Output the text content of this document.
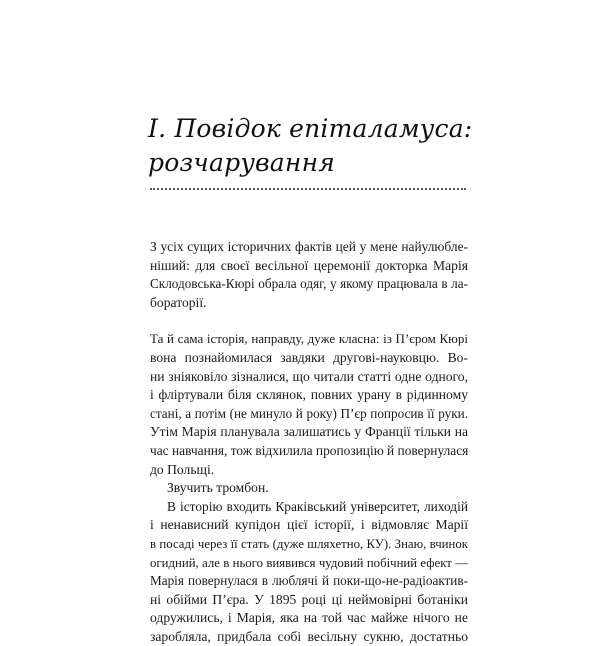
I. Повідок епіталамуса:
розчарування
З усіх сущих історичних фактів цей у мене найулюбле-
ніший: для своєї весільної церемонії докторка Марія
Склодовська-Кюрі обрала одяг, у якому працювала в ла-
бораторії.
Та й сама історія, направду, дуже класна: із П’єром Кюрі
вона познайомилася завдяки другові-науковцю. Во-
ни зніяковіло зізналися, що читали статті одне одного,
і фліртували біля склянок, повних урану в рідинному
стані, а потім (не минуло й року) П’єр попросив її руки.
Утім Марія планувала залишатись у Франції тільки на
час навчання, тож відхилила пропозицію й повернулася
до Польщі.
Звучить тромбон.
В історію входить Краківський університет, лиходій
і ненависний купідон цієї історії, і відмовляє Марії
в посаді через її стать (дуже шляхетно, КУ). Знаю, вчинок
огидний, але в нього виявився чудовий побічний ефект —
Марія повернулася в люблячі й поки-що-не-радіоактив-
ні обійми П’єра. У 1895 році ці неймовірні ботаніки
одружились, і Марія, яка на той час майже нічого не
заробляла, придбала собі весільну сукню, достатньо
